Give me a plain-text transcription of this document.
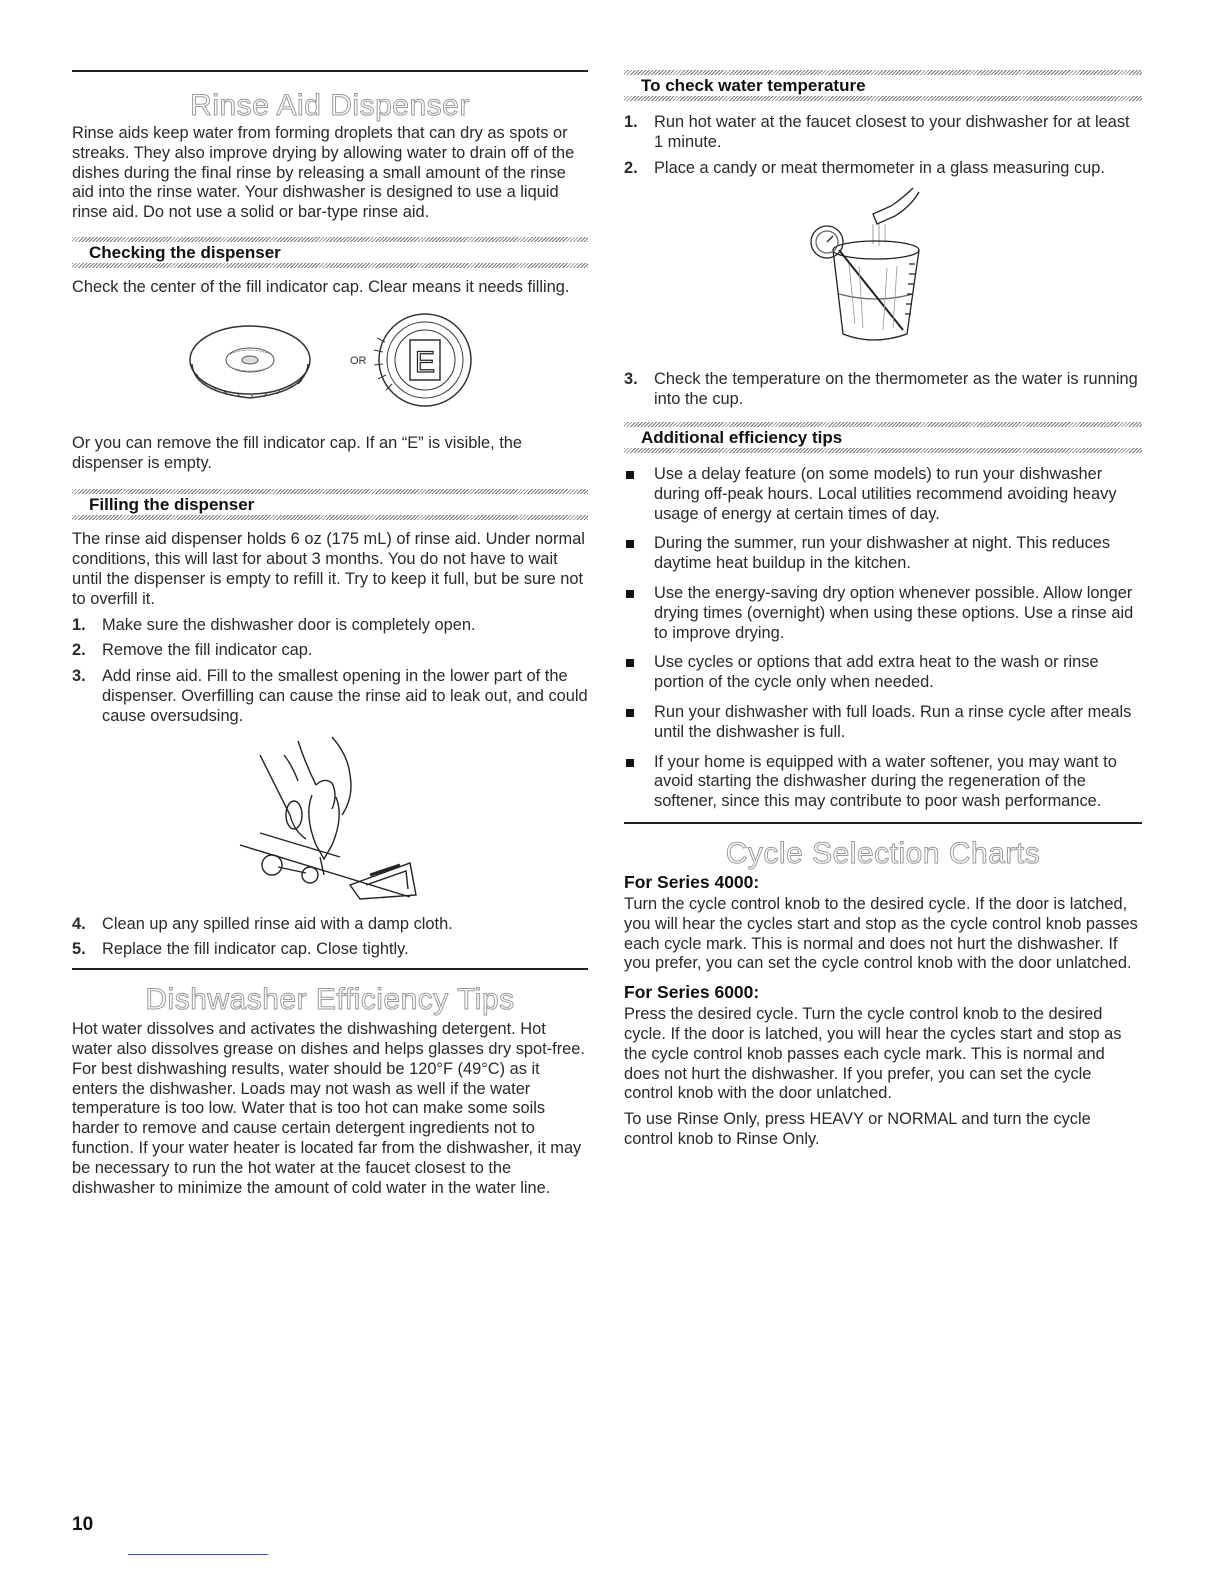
Rinse Aid Dispenser

Rinse aids keep water from forming droplets that can dry as spots or streaks. They also improve drying by allowing water to drain off of the dishes during the final rinse by releasing a small amount of the rinse aid into the rinse water. Your dishwasher is designed to use a liquid rinse aid. Do not use a solid or bar-type rinse aid.

Checking the dispenser

Check the center of the fill indicator cap. Clear means it needs filling.

OR E

Or you can remove the fill indicator cap. If an “E” is visible, the dispenser is empty.

Filling the dispenser

The rinse aid dispenser holds 6 oz (175 mL) of rinse aid. Under normal conditions, this will last for about 3 months. You do not have to wait until the dispenser is empty to refill it. Try to keep it full, but be sure not to overfill it.

1. Make sure the dishwasher door is completely open.
2. Remove the fill indicator cap.
3. Add rinse aid. Fill to the smallest opening in the lower part of the dispenser. Overfilling can cause the rinse aid to leak out, and could cause oversudsing.
4. Clean up any spilled rinse aid with a damp cloth.
5. Replace the fill indicator cap. Close tightly.
Dishwasher Efficiency Tips

Hot water dissolves and activates the dishwashing detergent. Hot water also dissolves grease on dishes and helps glasses dry spot-free. For best dishwashing results, water should be 120°F (49°C) as it enters the dishwasher. Loads may not wash as well if the water temperature is too low. Water that is too hot can make some soils harder to remove and cause certain detergent ingredients not to function. If your water heater is located far from the dishwasher, it may be necessary to run the hot water at the faucet closest to the dishwasher to minimize the amount of cold water in the water line.

To check water temperature
1. Run hot water at the faucet closest to your dishwasher for at least 1 minute.
2. Place a candy or meat thermometer in a glass measuring cup.
3. Check the temperature on the thermometer as the water is running into the cup.
Additional efficiency tips
Use a delay feature (on some models) to run your dishwasher during off-peak hours. Local utilities recommend avoiding heavy usage of energy at certain times of day.
During the summer, run your dishwasher at night. This reduces daytime heat buildup in the kitchen.
Use the energy-saving dry option whenever possible. Allow longer drying times (overnight) when using these options. Use a rinse aid to improve drying.
Use cycles or options that add extra heat to the wash or rinse portion of the cycle only when needed.
Run your dishwasher with full loads. Run a rinse cycle after meals until the dishwasher is full.
If your home is equipped with a water softener, you may want to avoid starting the dishwasher during the regeneration of the softener, since this may contribute to poor wash performance.
Cycle Selection Charts
For Series 4000:

Turn the cycle control knob to the desired cycle. If the door is latched, you will hear the cycles start and stop as the cycle control knob passes each cycle mark. This is normal and does not hurt the dishwasher. If you prefer, you can set the cycle control knob with the door unlatched.

For Series 6000:

Press the desired cycle. Turn the cycle control knob to the desired cycle. If the door is latched, you will hear the cycles start and stop as the cycle control knob passes each cycle mark. This is normal and does not hurt the dishwasher. If you prefer, you can set the cycle control knob with the door unlatched.

To use Rinse Only, press HEAVY or NORMAL and turn the cycle control knob to Rinse Only.

10
